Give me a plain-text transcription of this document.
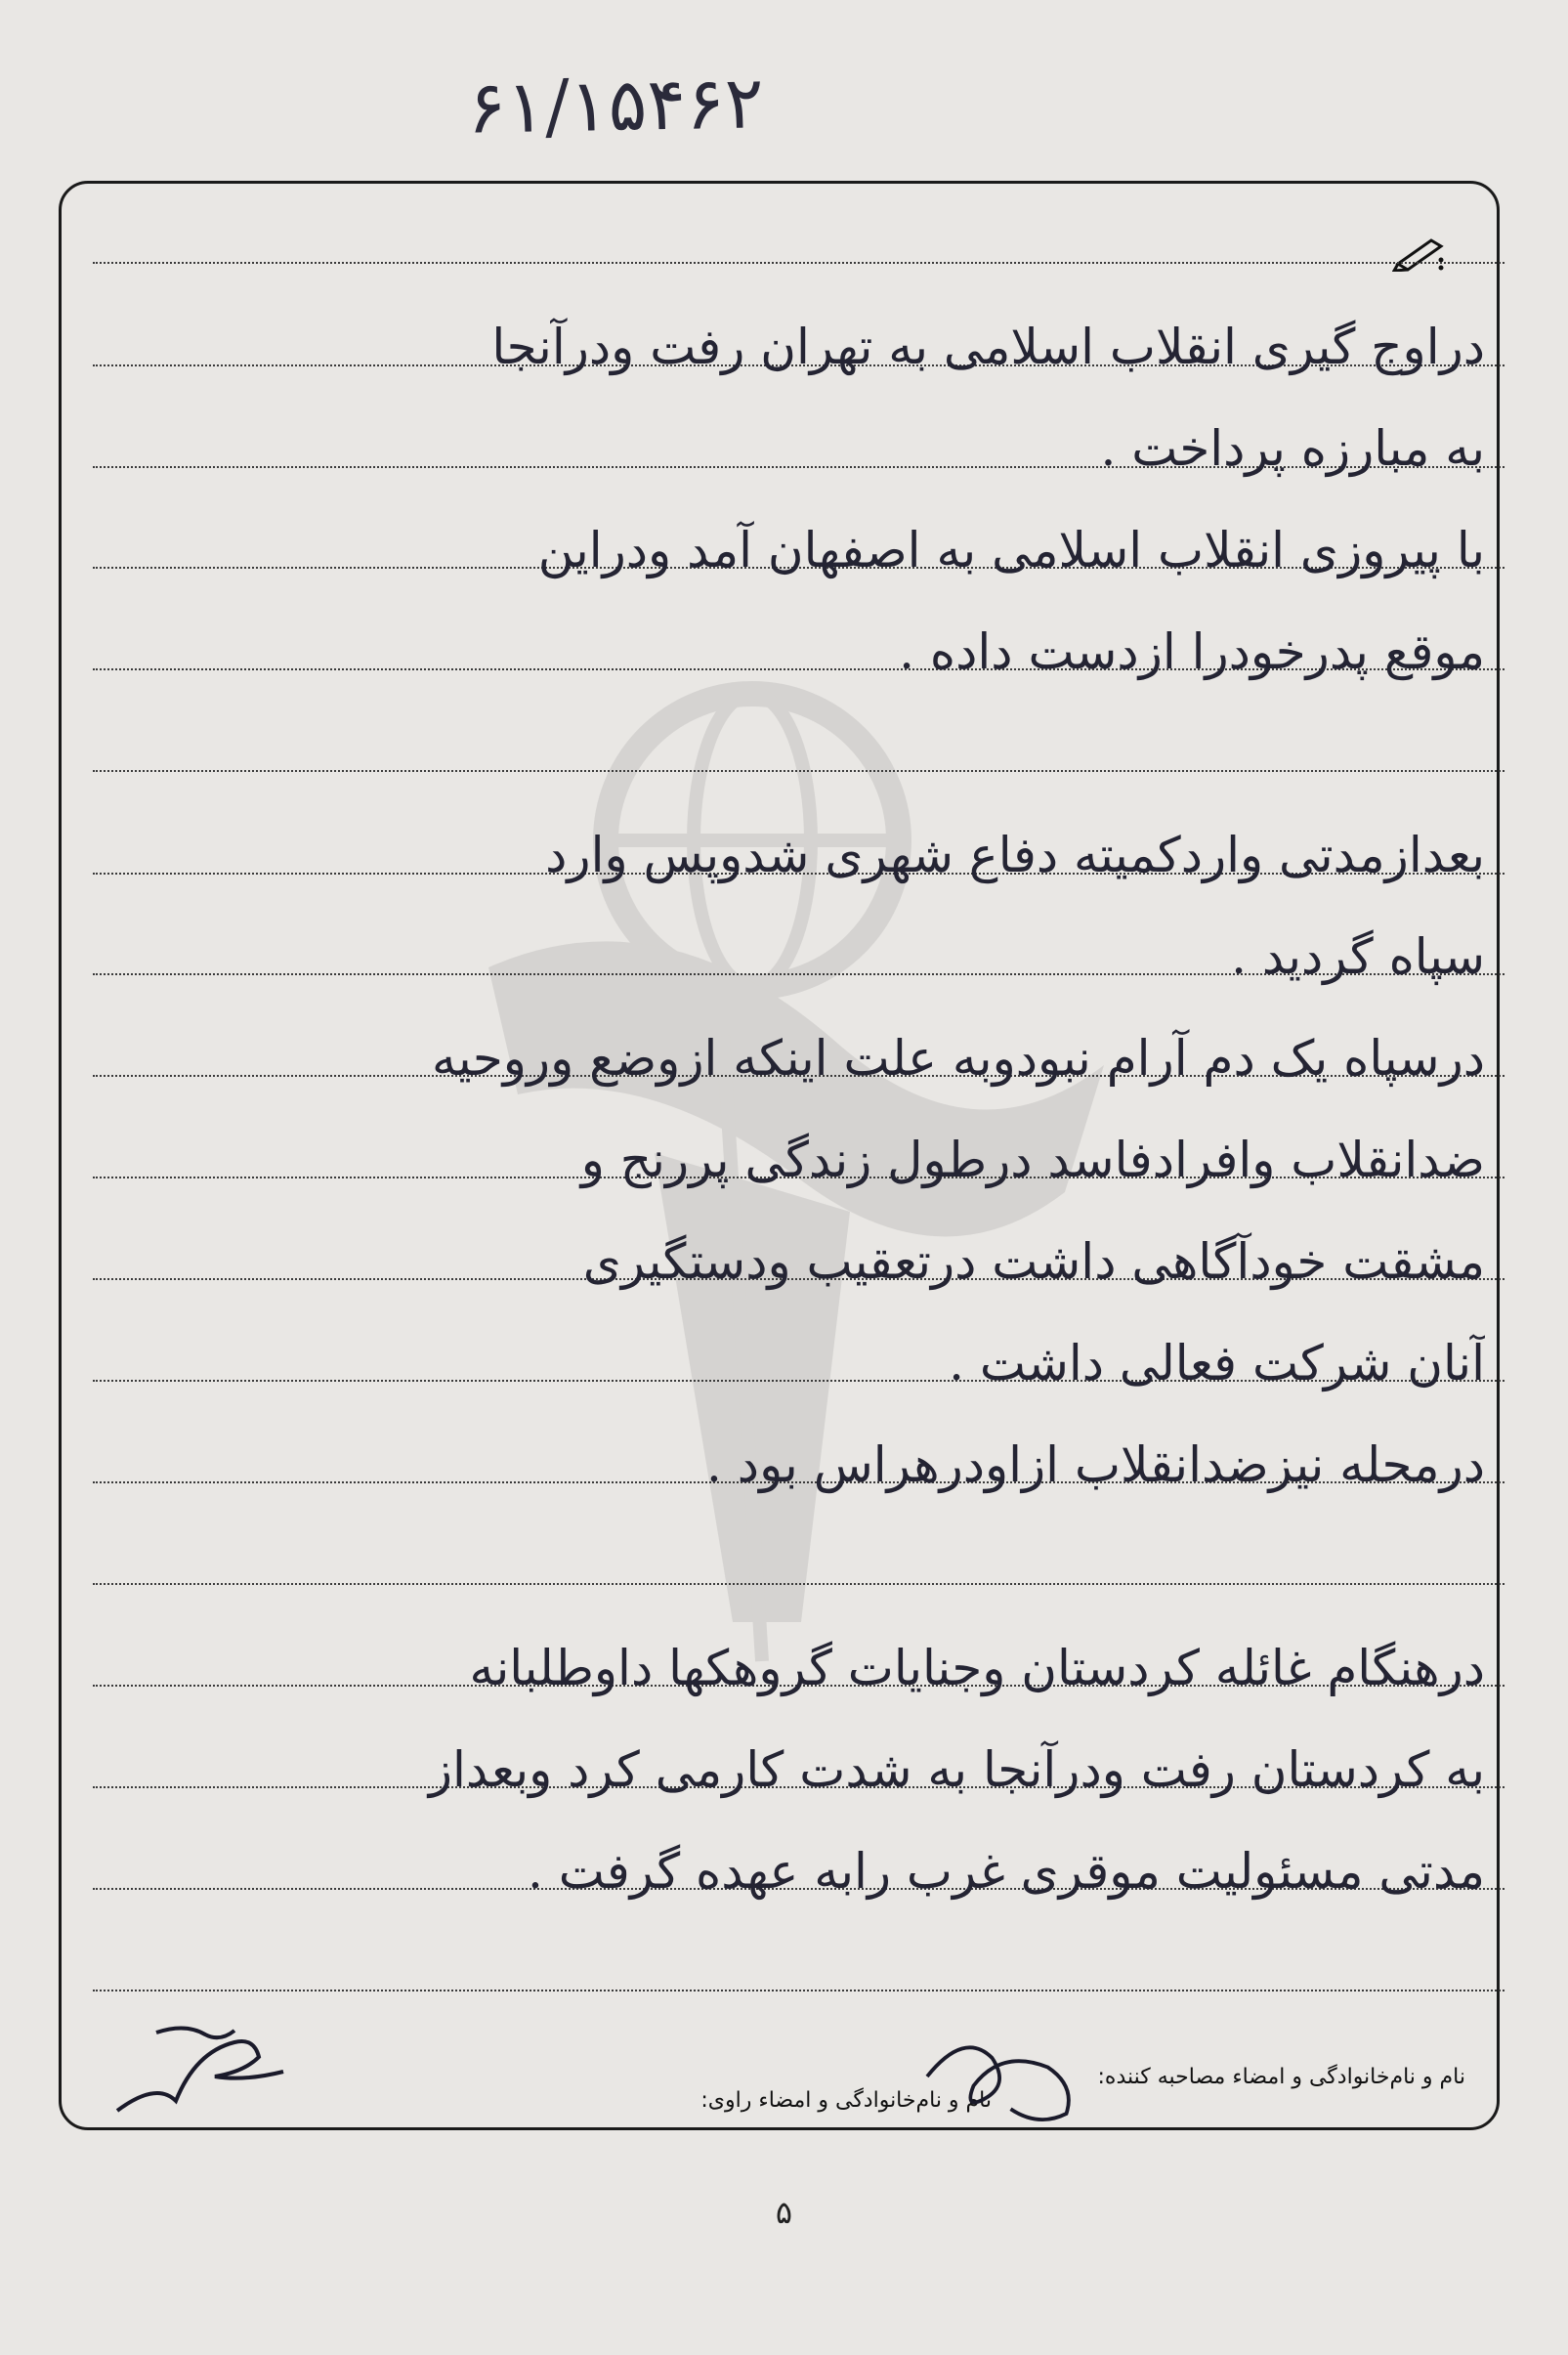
۶۱/۱۵۴۶۲
دراوج گیری انقلاب اسلامی به تهران رفت ودرآنجا
به مبارزه پرداخت .
با پیروزی انقلاب اسلامی به اصفهان آمد ودراین
موقع پدرخودرا ازدست داده .
بعدازمدتی واردکمیته دفاع شهری شدوپس وارد
سپاه گردید .
درسپاه یک دم آرام نبودوبه علت اینکه ازوضع وروحیه
ضدانقلاب وافرادفاسد درطول زندگی پررنج و
مشقت خودآگاهی داشت درتعقیب ودستگیری
آنان شرکت فعالی داشت .
درمحله نیزضدانقلاب ازاودرهراس بود .
درهنگام غائله کردستان وجنایات گروهکها داوطلبانه
به کردستان رفت ودرآنجا به شدت کارمی کرد وبعداز
مدتی مسئولیت موقری غرب رابه عهده گرفت .
نام و نام‌خانوادگی و امضاء مصاحبه کننده:
نام و نام‌خانوادگی و امضاء راوی:
۵
